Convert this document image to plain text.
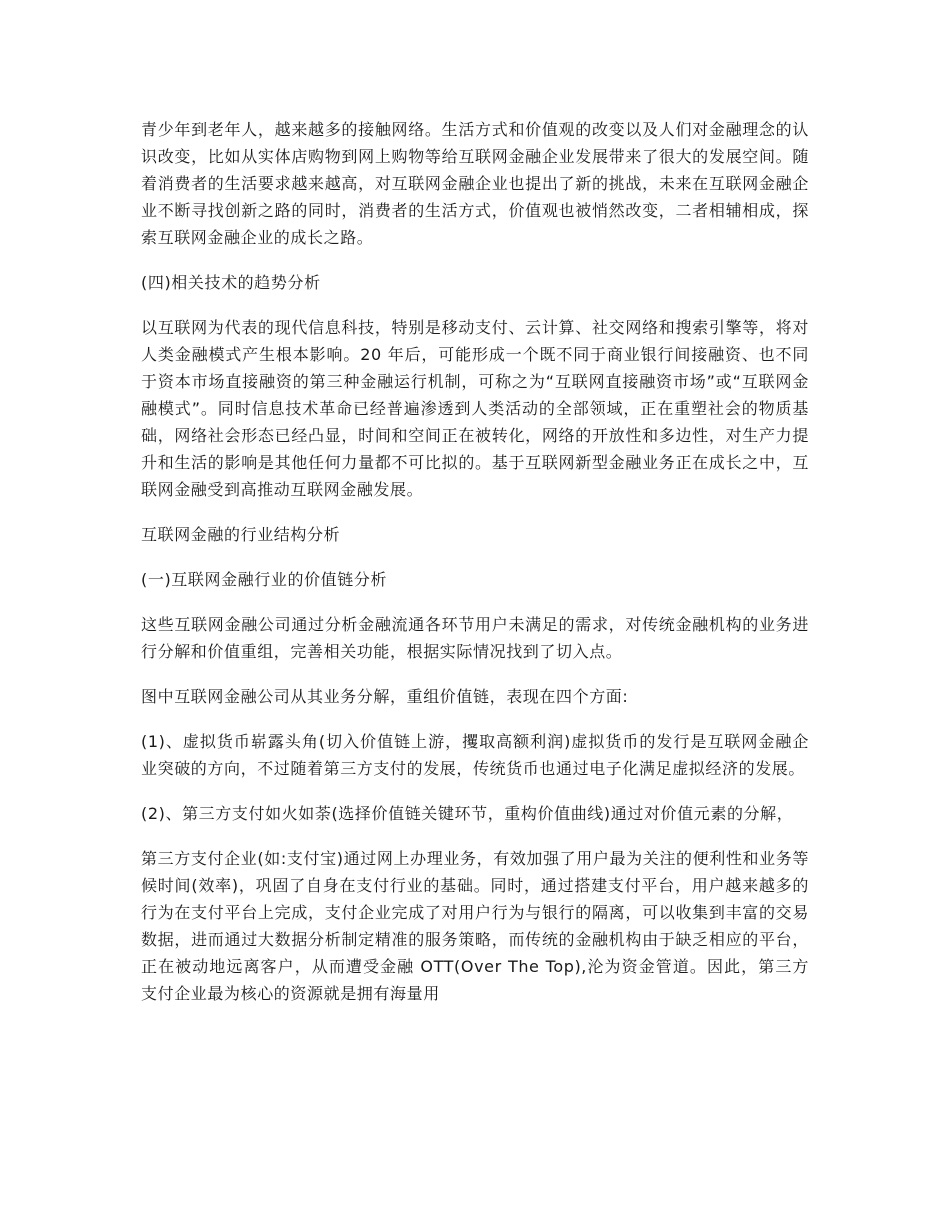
青少年到老年人，越来越多的接触网络。生活方式和价值观的改变以及人们对金融理念的认识改变，比如从实体店购物到网上购物等给互联网金融企业发展带来了很大的发展空间。随着消费者的生活要求越来越高，对互联网金融企业也提出了新的挑战，未来在互联网金融企业不断寻找创新之路的同时，消费者的生活方式，价值观也被悄然改变，二者相辅相成，探索互联网金融企业的成长之路。

(四)相关技术的趋势分析

以互联网为代表的现代信息科技，特别是移动支付、云计算、社交网络和搜索引擎等，将对人类金融模式产生根本影响。20 年后，可能形成一个既不同于商业银行间接融资、也不同于资本市场直接融资的第三种金融运行机制，可称之为“互联网直接融资市场”或“互联网金融模式”。同时信息技术革命已经普遍渗透到人类活动的全部领域，正在重塑社会的物质基础，网络社会形态已经凸显，时间和空间正在被转化，网络的开放性和多边性，对生产力提升和生活的影响是其他任何力量都不可比拟的。基于互联网新型金融业务正在成长之中，互联网金融受到高推动互联网金融发展。

互联网金融的行业结构分析

(一)互联网金融行业的价值链分析

这些互联网金融公司通过分析金融流通各环节用户未满足的需求，对传统金融机构的业务进行分解和价值重组，完善相关功能，根据实际情况找到了切入点。

图中互联网金融公司从其业务分解，重组价值链，表现在四个方面:

(1)、虚拟货币崭露头角(切入价值链上游，攫取高额利润)虚拟货币的发行是互联网金融企业突破的方向，不过随着第三方支付的发展，传统货币也通过电子化满足虚拟经济的发展。

(2)、第三方支付如火如荼(选择价值链关键环节，重构价值曲线)通过对价值元素的分解，

第三方支付企业(如:支付宝)通过网上办理业务，有效加强了用户最为关注的便利性和业务等候时间(效率)，巩固了自身在支付行业的基础。同时，通过搭建支付平台，用户越来越多的行为在支付平台上完成，支付企业完成了对用户行为与银行的隔离，可以收集到丰富的交易数据，进而通过大数据分析制定精准的服务策略，而传统的金融机构由于缺乏相应的平台，正在被动地远离客户，从而遭受金融 OTT(Over The Top),沦为资金管道。因此，第三方支付企业最为核心的资源就是拥有海量用
